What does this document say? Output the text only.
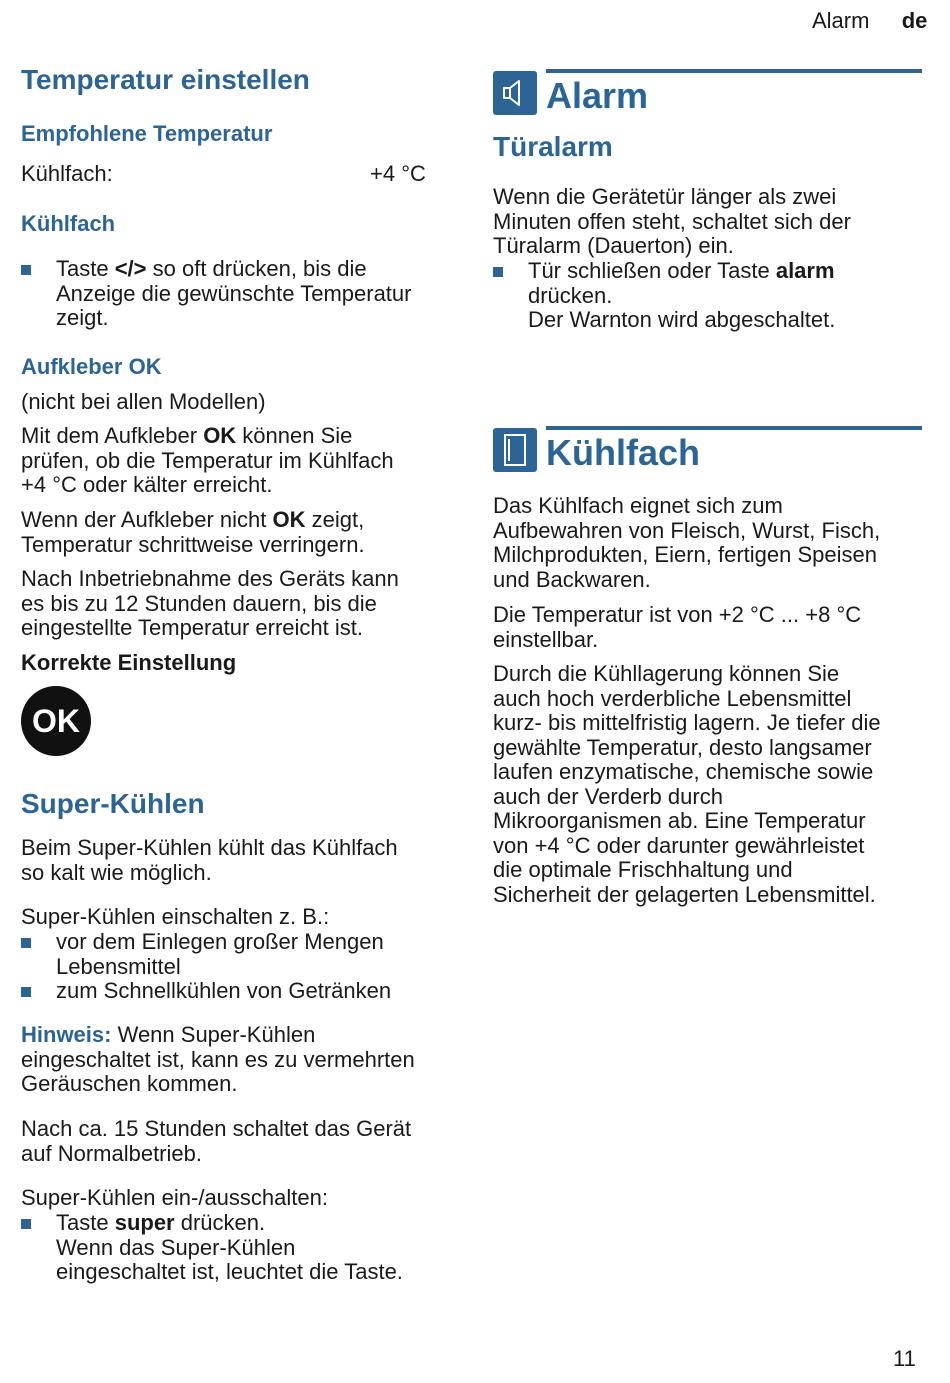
Alarm de
Temperatur einstellen
Empfohlene Temperatur
Kühlfach:	+4 °C
Kühlfach
Taste </> so oft drücken, bis die
Anzeige die gewünschte Temperatur
zeigt.
Aufkleber OK
(nicht bei allen Modellen)
Mit dem Aufkleber OK können Sie
prüfen, ob die Temperatur im Kühlfach
+4 °C oder kälter erreicht.
Wenn der Aufkleber nicht OK zeigt,
Temperatur schrittweise verringern.
Nach Inbetriebnahme des Geräts kann
es bis zu 12 Stunden dauern, bis die
eingestellte Temperatur erreicht ist.
Korrekte Einstellung
OK
Super-Kühlen
Beim Super-Kühlen kühlt das Kühlfach
so kalt wie möglich.
Super-Kühlen einschalten z. B.:
vor dem Einlegen großer Mengen
Lebensmittel
zum Schnellkühlen von Getränken
Hinweis: Wenn Super-Kühlen
eingeschaltet ist, kann es zu vermehrten
Geräuschen kommen.
Nach ca. 15 Stunden schaltet das Gerät
auf Normalbetrieb.
Super-Kühlen ein-/ausschalten:
Taste super drücken.
Wenn das Super-Kühlen
eingeschaltet ist, leuchtet die Taste.
Alarm
Türalarm
Wenn die Gerätetür länger als zwei
Minuten offen steht, schaltet sich der
Türalarm (Dauerton) ein.
Tür schließen oder Taste alarm
drücken.
Der Warnton wird abgeschaltet.
Kühlfach
Das Kühlfach eignet sich zum
Aufbewahren von Fleisch, Wurst, Fisch,
Milchprodukten, Eiern, fertigen Speisen
und Backwaren.
Die Temperatur ist von +2 °C ... +8 °C
einstellbar.
Durch die Kühllagerung können Sie
auch hoch verderbliche Lebensmittel
kurz- bis mittelfristig lagern. Je tiefer die
gewählte Temperatur, desto langsamer
laufen enzymatische, chemische sowie
auch der Verderb durch
Mikroorganismen ab. Eine Temperatur
von +4 °C oder darunter gewährleistet
die optimale Frischhaltung und
Sicherheit der gelagerten Lebensmittel.
11
